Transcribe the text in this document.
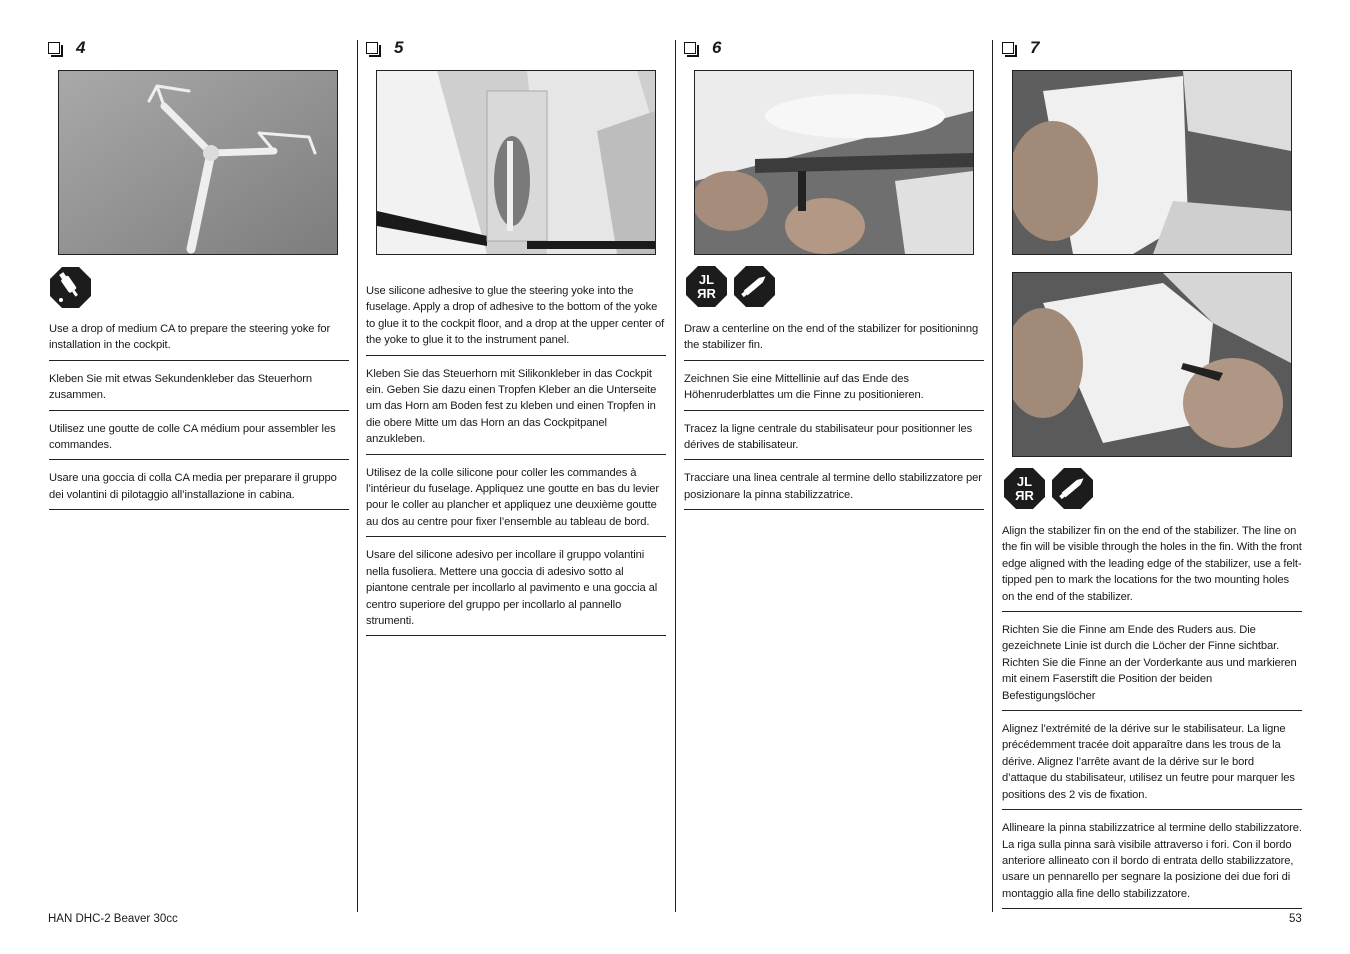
4
Use a drop of medium CA to prepare the steering yoke for installation in the cockpit.
Kleben Sie mit etwas Sekundenkleber das Steuerhorn zusammen.
Utilisez une goutte de colle CA médium pour assembler les commandes.
Usare una goccia di colla CA media per preparare il gruppo dei volantini di pilotaggio all’installazione in cabina.
5
Use silicone adhesive to glue the steering yoke into the fuselage. Apply a drop of adhesive to the bottom of the yoke to glue it to the cockpit floor, and a drop at the upper center of the yoke to glue it to the instrument panel.
Kleben Sie das Steuerhorn mit Silikonkleber in das Cockpit ein. Geben Sie dazu einen Tropfen Kleber an die Unterseite um das Horn am Boden fest zu kleben und einen Tropfen in die obere Mitte um das Horn an das Cockpitpanel anzukleben.
Utilisez de la colle silicone pour coller les commandes à l’intérieur du fuselage. Appliquez une goutte en bas du levier pour le coller au plancher et appliquez une deuxième goutte au dos au centre pour fixer l’ensemble au tableau de bord.
Usare del silicone adesivo per incollare il gruppo volantini nella fusoliera. Mettere una goccia di adesivo sotto al piantone centrale per incollarlo al pavimento e una goccia al centro superiore del gruppo per incollarlo al pannello strumenti.
6
JL
ЯR
Draw a centerline on the end of the stabilizer for positioninng the stabilizer fin.
Zeichnen Sie eine Mittellinie auf das Ende des Höhenruderblattes um die Finne zu positionieren.
Tracez la ligne centrale du stabilisateur pour positionner les dérives de stabilisateur.
Tracciare una linea centrale al termine dello stabilizzatore per posizionare la pinna stabilizzatrice.
7
JL
ЯR
Align the stabilizer fin on the end of the stabilizer. The line on the fin will be visible through the holes in the fin. With the front edge aligned with the leading edge of the stabilizer, use a felt-tipped pen to mark the locations for the two mounting holes on the end of the stabilizer.
Richten Sie die Finne am Ende des Ruders aus. Die gezeichnete Linie ist durch die Löcher der Finne sichtbar. Richten Sie die Finne an der Vorderkante aus und markieren mit einem Faserstift die Position der beiden Befestigungslöcher
Alignez l’extrémité de la dérive sur le stabilisateur. La ligne précédemment tracée doit apparaître dans les trous de la dérive. Alignez l’arrête avant de la dérive sur le bord d’attaque du stabilisateur, utilisez un feutre pour marquer les positions des 2 vis de fixation.
Allineare la pinna stabilizzatrice al termine dello stabilizzatore. La riga sulla pinna sarà visibile attraverso i fori. Con il bordo anteriore allineato con il bordo di entrata dello stabilizzatore, usare un pennarello per segnare la posizione dei due fori di montaggio alla fine dello stabilizzatore.
HAN DHC-2 Beaver 30cc	53
